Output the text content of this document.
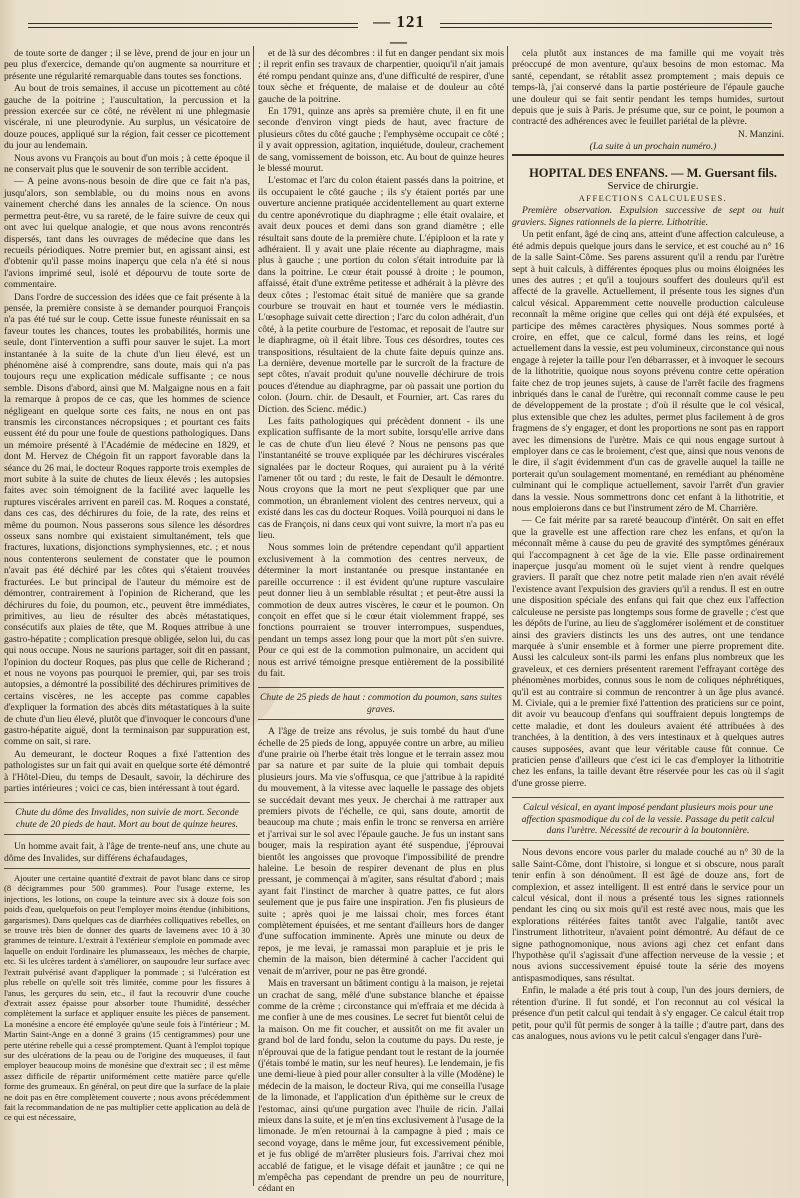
— 121 —

de toute sorte de danger ; il se lève, prend de jour en jour un peu plus d'exercice, demande qu'on augmente sa nourriture et présente une régularité remarquable dans toutes ses fonctions.

Au bout de trois semaines, il accuse un picottement au côté gauche de la poitrine ; l'auscultation, la percussion et la pression exercée sur ce côté, ne révèlent ni une phlegmasie viscérale, ni une pleurodynie. Au surplus, un vésicatoire de douze pouces, appliqué sur la région, fait cesser ce picottement du jour au lendemain.

Nous avons vu François au bout d'un mois ; à cette époque il ne conservait plus que le souvenir de son terrible accident.

— A peine avons-nous besoin de dire que ce fait n'a pas, jusqu'alors, son semblable, ou du moins nous en avons vainement cherché dans les annales de la science. On nous permettra peut-être, vu sa rareté, de le faire suivre de ceux qui ont avec lui quelque analogie, et que nous avons rencontrés dispersés, tant dans les ouvrages de médecine que dans les recueils périodiques. Notre premier but, en agissant ainsi, est d'obtenir qu'il passe moins inaperçu que cela n'a été si nous l'avions imprimé seul, isolé et dépourvu de toute sorte de commentaire.

Dans l'ordre de succession des idées que ce fait présente à la pensée, la première consiste à se demander pourquoi François n'a pas été tué sur le coup. Cette issue funeste réunissait en sa faveur toutes les chances, toutes les probabilités, hormis une seule, dont l'intervention a suffi pour sauver le sujet. La mort instantanée à la suite de la chute d'un lieu élevé, est un phénomène aisé à comprendre, sans doute, mais qui n'a pas toujours reçu une explication médicale suffisante ; ce nous semble. Disons d'abord, ainsi que M. Malgaigne nous en a fait la remarque à propos de ce cas, que les hommes de science négligeant en quelque sorte ces faits, ne nous en ont pas transmis les circonstances nécropsiques ; et pourtant ces faits eussent été du pour une foule de questions pathologiques. Dans un mémoire présenté à l'Académie de médecine en 1829, et dont M. Hervez de Chégoin fit un rapport favorable dans la séance du 26 mai, le docteur Roques rapporte trois exemples de mort subite à la suite de chutes de lieux élevés ; les autopsies faites avec soin témoignent de la facilité avec laquelle les ruptures viscérales arrivent en pareil cas. M. Roques a constaté, dans ces cas, des déchirures du foie, de la rate, des reins et même du poumon. Nous passerons sous silence les désordres osseux sans nombre qui existaient simultanément, tels que fractures, luxations, disjonctions symphysiennes, etc. ; et nous nous contenterons seulement de constater que le poumon n'avait pas été déchiré par les côtes qui s'étaient trouvées fracturées. Le but principal de l'auteur du mémoire est de démontrer, contrairement à l'opinion de Richerand, que les déchirures du foie, du poumon, etc., peuvent être immédiates, primitives, au lieu de résulter des abcès métastatiques, consécutifs aux plaies de tête, que M. Roques attribue à une gastro-hépatite ; complication presque obligée, selon lui, du cas qui nous occupe. Nous ne saurions partager, soit dit en passant, l'opinion du docteur Roques, pas plus que celle de Richerand ; et nous ne voyons pas pourquoi le premier, qui, par ses trois autopsies, a démontré la possibilité des déchirures primitives de certains viscères, ne les accepte pas comme capables d'expliquer la formation des abcès dits métastatiques à la suite de chute d'un lieu élevé, plutôt que d'invoquer le concours d'une gastro-hépatite aiguë, dont la terminaison par suppuration est, comme on sait, si rare.

Au demeurant, le docteur Roques a fixé l'attention des pathologistes sur un fait qui avait en quelque sorte été démontré à l'Hôtel-Dieu, du temps de Desault, savoir, la déchirure des parties intérieures ; voici ce cas, bien intéressant à tout égard.

Chute du dôme des Invalides, non suivie de mort. Seconde chute de 20 pieds de haut. Mort au bout de quinze heures.

Un homme avait fait, à l'âge de trente-neuf ans, une chute au dôme des Invalides, sur différens échafaudages,

Ajouter une certaine quantité d'extrait de pavot blanc dans ce sirop (8 décigrammes pour 500 grammes). Pour l'usage externe, les injections, les lotions, on coupe la teinture avec six à douze fois son poids d'eau, quelquefois on peut l'employer moins étendue (inhibitions, gargarismes). Dans quelques cas de diarrhées colliquatives rebelles, on se trouve très bien de donner des quarts de lavemens avec 10 à 30 grammes de teinture. L'extrait à l'extérieur s'emploie en pommade avec laquelle on enduit l'ordinaire les plumasseaux, les mèches de charpie, etc. Si les ulcères tardent à s'améliorer, on saupoudre leur surface avec l'extrait pulvérisé avant d'appliquer la pommade ; si l'ulcération est plus rebelle on qu'elle soit très limitée, comme pour les fissures à l'anus, les gerçures du sein, etc., il faut la recouvrir d'une couche d'extrait assez épaisse pour absorber toute l'humidité, dessécher complètement la surface et appliquer ensuite les pièces de pansement. La monésine a encore été employée qu'une seule fois à l'intérieur ; M. Martin Saint-Ange en a donné 3 grains (15 centigrammes) pour une perte utérine rebelle qui a cessé promptement. Quant à l'emploi topique sur des ulcérations de la peau ou de l'origine des muqueuses, il faut employer beaucoup moins de monésine que d'extrait sec ; il est même assez difficile de répartir uniformément cette matière parce qu'elle forme des grumeaux. En général, on peut dire que la surface de la plaie ne doit pas en être complètement couverte ; nous avons précédemment fait la recommandation de ne pas multiplier cette application au delà de ce qui est nécessaire,

et de là sur des décombres : il fut en danger pendant six mois ; il reprit enfin ses travaux de charpentier, quoiqu'il n'ait jamais été rompu pendant quinze ans, d'une difficulté de respirer, d'une toux sèche et fréquente, de malaise et de douleur au côté gauche de la poitrine.

En 1791, quinze ans après sa première chute, il en fit une seconde d'environ vingt pieds de haut, avec fracture de plusieurs côtes du côté gauche ; l'emphysème occupait ce côté ; il y avait oppression, agitation, inquiétude, douleur, crachement de sang, vomissement de boisson, etc. Au bout de quinze heures le blessé mourut.

L'estomac et l'arc du colon étaient passés dans la poitrine, et ils occupaient le côté gauche ; ils s'y étaient portés par une ouverture ancienne pratiquée accidentellement au quart externe du centre aponévrotique du diaphragme ; elle était ovalaire, et avait deux pouces et demi dans son grand diamètre ; elle résultait sans doute de la première chute. L'épiploon et la rate y adhéraient. Il y avait une plaie récente au diaphragme, mais plus à gauche ; une portion du colon s'était introduite par là dans la poitrine. Le cœur était poussé à droite ; le poumon, affaissé, était d'une extrême petitesse et adhérait à la plèvre des deux côtes ; l'estomac était situé de manière que sa grande courbure se trouvait en haut et tournée vers le médiastin. L'œsophage suivait cette direction ; l'arc du colon adhérait, d'un côté, à la petite courbure de l'estomac, et reposait de l'autre sur le diaphragme, où il était libre. Tous ces désordres, toutes ces transpositions, résultaient de la chute faite depuis quinze ans. La dernière, devenue mortelle par le surcroît de la fracture de sept côtes, n'avait produit qu'une nouvelle déchirure de trois pouces d'étendue au diaphragme, par où passait une portion du colon. (Journ. chir. de Desault, et Fournier, art. Cas rares du Diction. des Scienc. médic.)

Les faits pathologiques qui précèdent donnent - ils une explication suffisante de la mort subite, lorsqu'elle arrive dans le cas de chute d'un lieu élevé ? Nous ne pensons pas que l'instantanéité se trouve expliquée par les déchirures viscérales signalées par le docteur Roques, qui auraient pu à la vérité l'amener tôt ou tard ; du reste, le fait de Desault le démontre. Nous croyons que la mort ne peut s'expliquer que par une commotion, un ébranlement violent des centres nerveux, qui a existé dans les cas du docteur Roques. Voilà pourquoi ni dans le cas de François, ni dans ceux qui vont suivre, la mort n'a pas eu lieu.

Nous sommes loin de prétendre cependant qu'il appartient exclusivement à la commotion des centres nerveux, de déterminer la mort instantanée ou presque instantanée en pareille occurrence : il est évident qu'une rupture vasculaire peut donner lieu à un semblable résultat ; et peut-être aussi la commotion de deux autres viscères, le cœur et le poumon. On conçoit en effet que si le cœur était violemment frappé, ses fonctions pourraient se trouver interrompues, suspendues, pendant un temps assez long pour que la mort pût s'en suivre. Pour ce qui est de la commotion pulmonaire, un accident qui nous est arrivé témoigne presque entièrement de la possibilité du fait.

Chute de 25 pieds de haut : commotion du poumon, sans suites graves.

A l'âge de treize ans révolus, je suis tombé du haut d'une échelle de 25 pieds de long, appuyée contre un arbre, au milieu d'une prairie où l'herbe était très longue et le terrain assez mou par sa nature et par suite de la pluie qui tombait depuis plusieurs jours. Ma vie s'offusqua, ce que j'attribue à la rapidité du mouvement, à la vitesse avec laquelle le passage des objets se succédait devant mes yeux. Je cherchai à me rattraper aux premiers pivots de l'échelle, ce qui, sans doute, amortit de beaucoup ma chute ; mais enfin le tronc se renversa en arrière et j'arrivai sur le sol avec l'épaule gauche. Je fus un instant sans bouger, mais la respiration ayant été suspendue, j'éprouvai bientôt les angoisses que provoque l'impossibilité de prendre haleine. Le besoin de respirer devenant de plus en plus pressant, je commençai à m'agiter, sans résultat d'abord ; mais ayant fait l'instinct de marcher à quatre pattes, ce fut alors seulement que je pus faire une inspiration. J'en fis plusieurs de suite ; après quoi je me laissai choir, mes forces étant complètement épuisées, et me sentant d'ailleurs hors de danger d'une suffocation imminente. Après une minute ou deux de repos, je me levai, je ramassai mon parapluie et je pris le chemin de la maison, bien déterminé à cacher l'accident qui venait de m'arriver, pour ne pas être grondé.

Mais en traversant un bâtiment contigu à la maison, je rejetai un crachat de sang, mêlé d'une substance blanche et épaisse comme de la crème ; circonstance qui m'effraia et me décida à me confier à une de mes cousines. Le secret fut bientôt celui de la maison. On me fit coucher, et aussitôt on me fit avaler un grand bol de lard fondu, selon la coutume du pays. Du reste, je n'éprouvai que de la fatigue pendant tout le restant de la journée (j'étais tombé le matin, sur les neuf heures). Le lendemain, je fis une demi-lieue à pied pour aller consulter à la ville (Modène) le médecin de la maison, le docteur Riva, qui me conseilla l'usage de la limonade, et l'application d'un épithème sur le creux de l'estomac, ainsi qu'une purgation avec l'huile de ricin. J'allai mieux dans la suite, et je m'en tins exclusivement à l'usage de la limonade. Je m'en retournai à la campagne à pied ; mais ce second voyage, dans le même jour, fut excessivement pénible, et je fus obligé de m'arrêter plusieurs fois. J'arrivai chez moi accablé de fatigue, et le visage défait et jaunâtre ; ce qui ne m'empêcha pas cependant de prendre un peu de nourriture, cédant en

cela plutôt aux instances de ma famille qui me voyait très préoccupé de mon aventure, qu'aux besoins de mon estomac. Ma santé, cependant, se rétablit assez promptement ; mais depuis ce temps-là, j'ai conservé dans la partie postérieure de l'épaule gauche une douleur qui se fait sentir pendant les temps humides, surtout depuis que je suis à Paris. Je présume que, sur ce point, le poumon a contracté des adhérences avec le feuillet pariétal de la plèvre.

N. Manzini.

(La suite à un prochain numéro.)

HOPITAL DES ENFANS. — M. Guersant fils.

Service de chirurgie.

AFFECTIONS CALCULEUSES.

Première observation. Expulsion successive de sept ou huit graviers. Signes rationnels de la pierre. Lithotritie.

Un petit enfant, âgé de cinq ans, atteint d'une affection calculeuse, a été admis depuis quelque jours dans le service, et est couché au n° 16 de la salle Saint-Côme. Ses parens assurent qu'il a rendu par l'urètre sept à huit calculs, à différentes époques plus ou moins éloignées les unes des autres ; et qu'il a toujours souffert des douleurs qu'il est affecté de la gravelle. Actuellement, il présente tous les signes d'un calcul vésical. Apparemment cette nouvelle production calculeuse reconnaît la même origine que celles qui ont déjà été expulsées, et participe des mêmes caractères physiques. Nous sommes porté à croire, en effet, que ce calcul, formé dans les reins, et logé actuellement dans la vessie, est peu volumineux, circonstance qui nous engage à rejeter la taille pour l'en débarrasser, et à invoquer le secours de la lithotritie, quoique nous soyons prévenu contre cette opération faite chez de trop jeunes sujets, à cause de l'arrêt facile des fragmens inbriqués dans le canal de l'urètre, qui reconnaît comme cause le peu de développement de la prostate ; d'où il résulte que le col vésical, plus extensible que chez les adultes, permet plus facilement à de gros fragmens de s'y engager, et dont les proportions ne sont pas en rapport avec les dimensions de l'urètre. Mais ce qui nous engage surtout à employer dans ce cas le broiement, c'est que, ainsi que nous venons de le dire, il s'agit évidemment d'un cas de gravelle auquel la taille ne porterait qu'un soulagement momentané, en remédiant au phénomène culminant qui le complique actuellement, savoir l'arrêt d'un gravier dans la vessie. Nous sommettrons donc cet enfant à la lithotritie, et nous emploierons dans ce but l'instrument zéro de M. Charrière.

— Ce fait mérite par sa rareté beaucoup d'intérêt. On sait en effet que la gravelle est une affection rare chez les enfans, et qu'on la méconnaît même à cause du peu de gravité des symptômes généraux qui l'accompagnent à cet âge de la vie. Elle passe ordinairement inaperçue jusqu'au moment où le sujet vient à rendre quelques graviers. Il paraît que chez notre petit malade rien n'en avait révélé l'existence avant l'expulsion des graviers qu'il a rendus. Il est en outre une disposition spéciale des enfans qui fait que chez eux l'affection calculeuse ne persiste pas longtemps sous forme de gravelle ; c'est que les dépôts de l'urine, au lieu de s'agglomérer isolément et de constituer ainsi des graviers distincts les uns des autres, ont une tendance marquée à s'unir ensemble et à former une pierre proprement dite. Aussi les calculeux sont-ils parmi les enfans plus nombreux que les graveleux, et ces derniers présentent rarement l'effrayant cortège des phénomènes morbides, connus sous le nom de coliques néphrétiques, qu'il est au contraire si commun de rencontrer à un âge plus avancé. M. Civiale, qui a le premier fixé l'attention des praticiens sur ce point, dit avoir vu beaucoup d'enfans qui souffraient depuis longtemps de cette maladie, et dont les douleurs avaient été attribuées à des tranchées, à la dentition, à des vers intestinaux et à quelques autres causes supposées, avant que leur véritable cause fût connue. Ce praticien pense d'ailleurs que c'est ici le cas d'employer la lithotritie chez les enfans, la taille devant être réservée pour les cas où il s'agit d'une grosse pierre.

Calcul vésical, en ayant imposé pendant plusieurs mois pour une affection spasmodique du col de la vessie. Passage du petit calcul dans l'urètre. Nécessité de recourir à la boutonnière.

Nous devons encore vous parler du malade couché au n° 30 de la salle Saint-Côme, dont l'histoire, si longue et si obscure, nous paraît tenir enfin à son dénoûment. Il est âgé de douze ans, fort de complexion, et assez intelligent. Il est entré dans le service pour un calcul vésical, dont il nous a présenté tous les signes rationnels pendant les cinq ou six mois qu'il est resté avec nous, mais que les explorations réitérées faites tantôt avec l'algalie, tantôt avec l'instrument lithotriteur, n'avaient point démontré. Au défaut de ce signe pathognomonique, nous avions agi chez cet enfant dans l'hypothèse qu'il s'agissait d'une affection nerveuse de la vessie ; et nous avions successivement épuisé toute la série des moyens antispasmodiques, sans résultat.

Enfin, le malade a été pris tout à coup, l'un des jours derniers, de rétention d'urine. Il fut sondé, et l'on reconnut au col vésical la présence d'un petit calcul qui tendait à s'y engager. Ce calcul était trop petit, pour qu'il fût permis de songer à la taille ; d'autre part, dans des cas analogues, nous avions vu le petit calcul s'engager dans l'urè-
